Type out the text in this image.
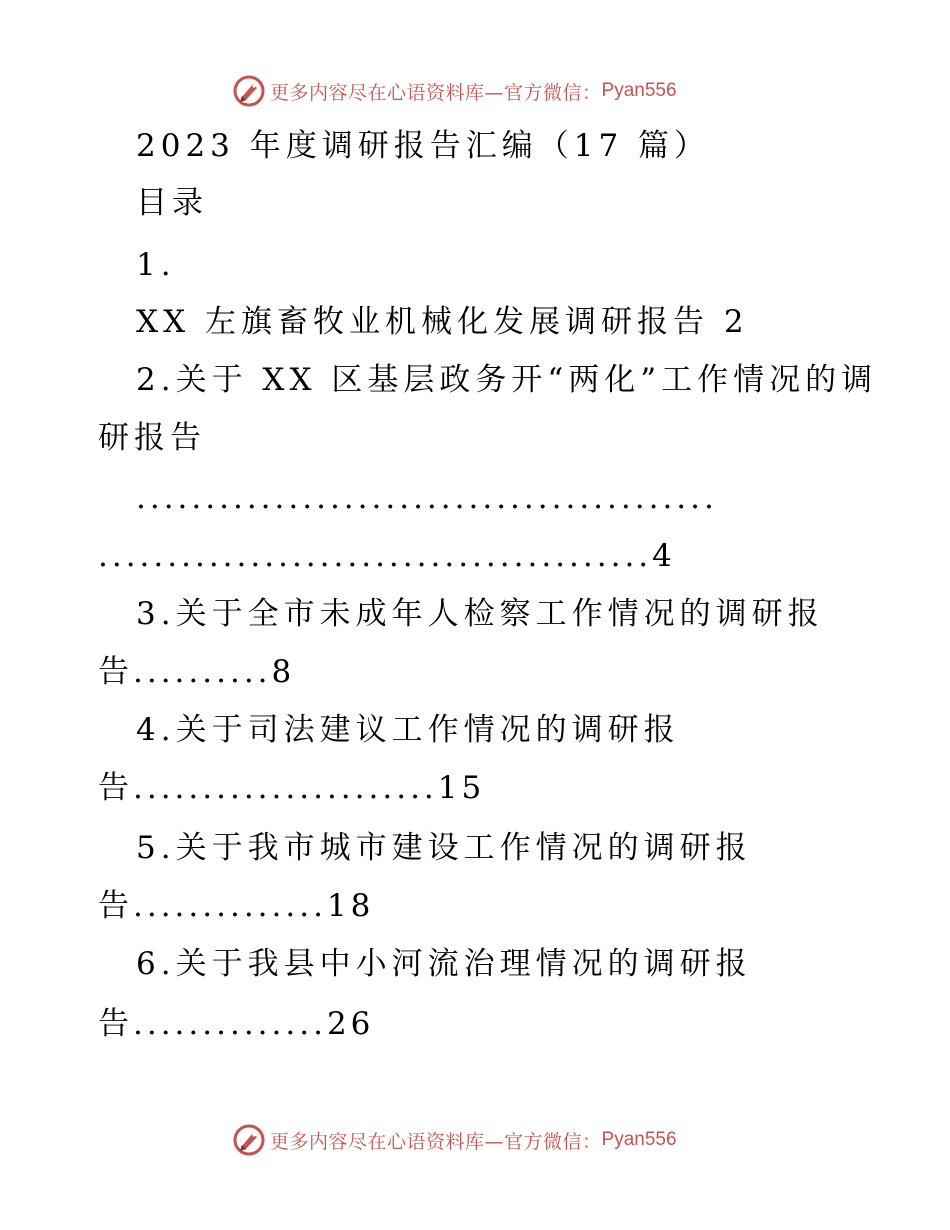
更多内容尽在心语资料库—官方微信： Pyan556
2023 年度调研报告汇编（17 篇）
目录
1.
XX 左旗畜牧业机械化发展调研报告 2
2.关于 XX 区基层政务开“两化”工作情况的调
研报告
..........................................
........................................4
3.关于全市未成年人检察工作情况的调研报
告..........8
4.关于司法建议工作情况的调研报
告......................15
5.关于我市城市建设工作情况的调研报
告..............18
6.关于我县中小河流治理情况的调研报
告..............26
更多内容尽在心语资料库—官方微信： Pyan556
